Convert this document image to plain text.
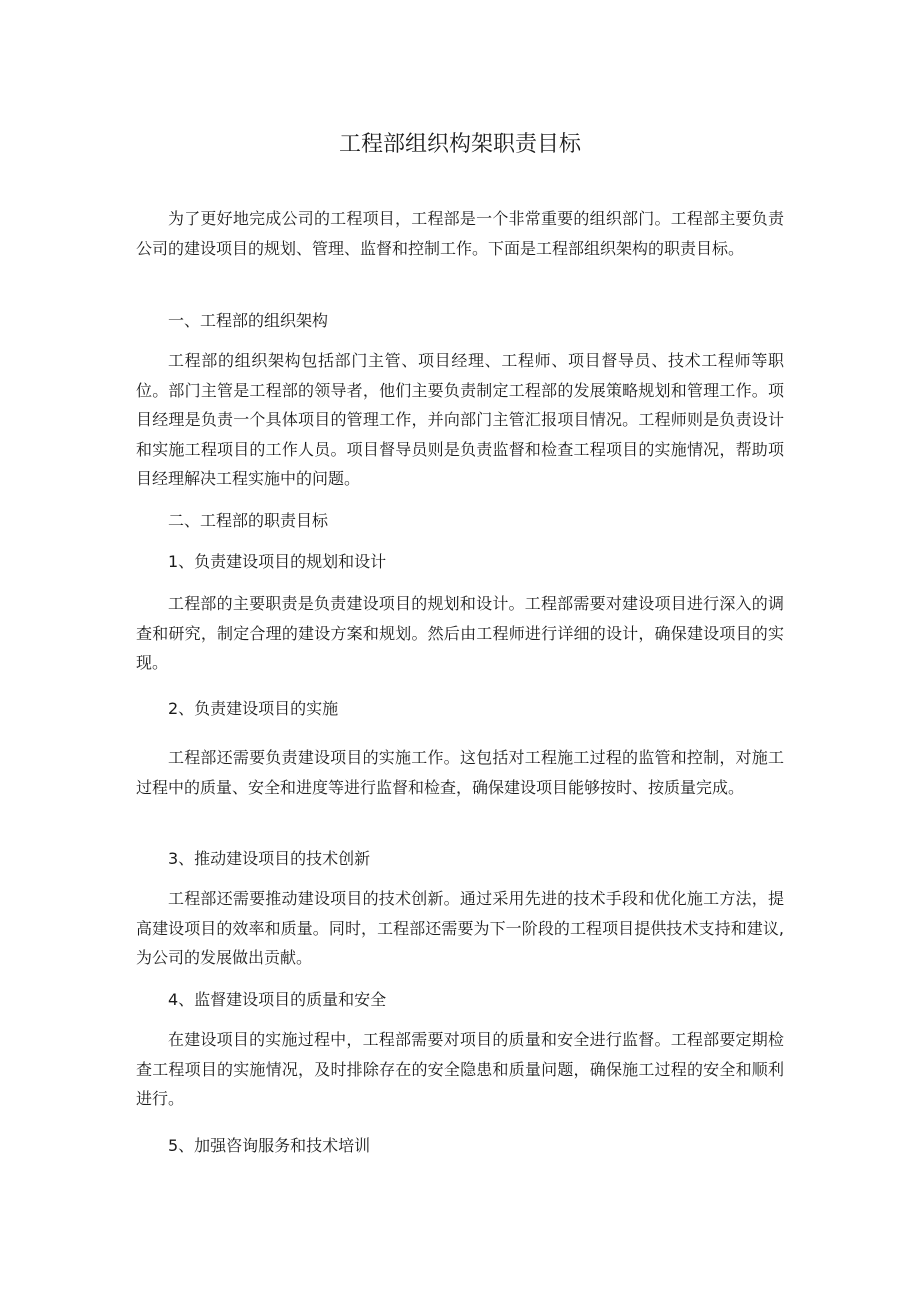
工程部组织构架职责目标

为了更好地完成公司的工程项目，工程部是一个非常重要的组织部门。工程部主要负责公司的建设项目的规划、管理、监督和控制工作。下面是工程部组织架构的职责目标。

一、工程部的组织架构

工程部的组织架构包括部门主管、项目经理、工程师、项目督导员、技术工程师等职位。部门主管是工程部的领导者，他们主要负责制定工程部的发展策略规划和管理工作。项目经理是负责一个具体项目的管理工作，并向部门主管汇报项目情况。工程师则是负责设计和实施工程项目的工作人员。项目督导员则是负责监督和检查工程项目的实施情况，帮助项目经理解决工程实施中的问题。

二、工程部的职责目标

1、负责建设项目的规划和设计

工程部的主要职责是负责建设项目的规划和设计。工程部需要对建设项目进行深入的调查和研究，制定合理的建设方案和规划。然后由工程师进行详细的设计，确保建设项目的实现。

2、负责建设项目的实施

工程部还需要负责建设项目的实施工作。这包括对工程施工过程的监管和控制，对施工过程中的质量、安全和进度等进行监督和检查，确保建设项目能够按时、按质量完成。

3、推动建设项目的技术创新

工程部还需要推动建设项目的技术创新。通过采用先进的技术手段和优化施工方法，提高建设项目的效率和质量。同时，工程部还需要为下一阶段的工程项目提供技术支持和建议,为公司的发展做出贡献。

4、监督建设项目的质量和安全

在建设项目的实施过程中，工程部需要对项目的质量和安全进行监督。工程部要定期检查工程项目的实施情况，及时排除存在的安全隐患和质量问题，确保施工过程的安全和顺利进行。

5、加强咨询服务和技术培训
